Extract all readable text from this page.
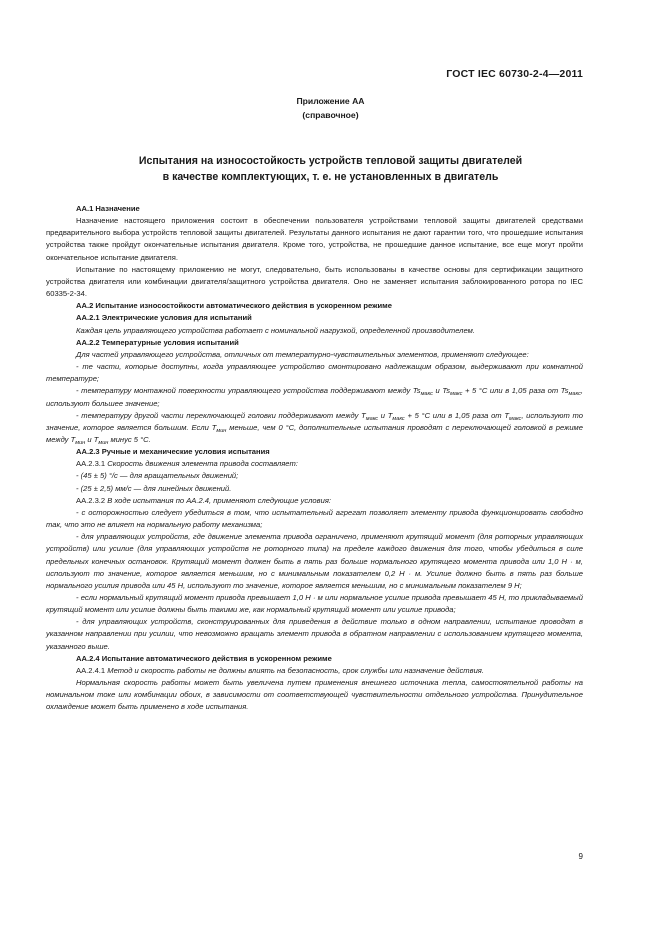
ГОСТ IEC 60730-2-4—2011
Приложение АА
(справочное)
Испытания на износостойкость устройств тепловой защиты двигателей
в качестве комплектующих, т. е. не установленных в двигатель

АА.1 Назначение

Назначение настоящего приложения состоит в обеспечении пользователя устройствами тепловой защиты двигателей средствами предварительного выбора устройств тепловой защиты двигателей. Результаты данного испытания не дают гарантии того, что прошедшие испытания устройства также пройдут окончательные испытания двигателя. Кроме того, устройства, не прошедшие данное испытание, все еще могут пройти окончательное испытание двигателя.

Испытание по настоящему приложению не могут, следовательно, быть использованы в качестве основы для сертификации защитного устройства двигателя или комбинации двигателя/защитного устройства двигателя. Оно не заменяет испытания заблокированного ротора по IEC 60335-2-34.

АА.2 Испытание износостойкости автоматического действия в ускоренном режиме

АА.2.1 Электрические условия для испытаний

Каждая цепь управляющего устройства работает с номинальной нагрузкой, определенной производителем.

АА.2.2 Температурные условия испытаний

Для частей управляющего устройства, отличных от температурно-чувствительных элементов, применяют следующее:

- те части, которые доступны, когда управляющее устройство смонтировано надлежащим образом, выдерживают при комнатной температуре;

- температуру монтажной поверхности управляющего устройства поддерживают между $Ts_{макс}$ и $Ts_{макс} + 5$ °С или в 1,05 раза от $Ts_{макс}$, используют большее значение;

- температуру другой части переключающей головки поддерживают между $T_{макс}$ и $T_{макс} + 5$ °С или в 1,05 раза от $T_{макс}$, используют то значение, которое является большим. Если $T_{мин}$ меньше, чем 0 °С, дополнительные испытания проводят с переключающей головкой в режиме между $T_{мин}$ и $T_{мин}$ минус 5 °С.

АА.2.3 Ручные и механические условия испытания

АА.2.3.1 Скорость движения элемента привода составляет:

- (45 ± 5) °/с — для вращательных движений;

- (25 ± 2,5) мм/с — для линейных движений.

АА.2.3.2 В ходе испытания по АА.2.4, применяют следующие условия:

- с осторожностью следует убедиться в том, что испытательный агрегат позволяет элементу привода функционировать свободно так, что это не влияет на нормальную работу механизма;

- для управляющих устройств, где движение элемента привода ограничено, применяют крутящий момент (для роторных управляющих устройств) или усилие (для управляющих устройств не роторного типа) на пределе каждого движения для того, чтобы убедиться в силе предельных конечных остановок. Крутящий момент должен быть в пять раз больше нормального крутящего момента привода или 1,0 Н · м, используют то значение, которое является меньшим, но с минимальным показателем 0,2 Н · м. Усилие должно быть в пять раз больше нормального усилия привода или 45 Н, используют то значение, которое является меньшим, но с минимальным показателем 9 Н;

- если нормальный крутящий момент привода превышает 1,0 Н · м или нормальное усилие привода превышает 45 Н, то прикладываемый крутящий момент или усилие должны быть такими же, как нормальный крутящий момент или усилие привода;

- для управляющих устройств, сконструированных для приведения в действие только в одном направлении, испытание проводят в указанном направлении при усилии, что невозможно вращать элемент привода в обратном направлении с использованием крутящего момента, указанного выше.

АА.2.4 Испытание автоматического действия в ускоренном режиме

АА.2.4.1 Метод и скорость работы не должны влиять на безопасность, срок службы или назначение действия.

Нормальная скорость работы может быть увеличена путем применения внешнего источника тепла, самостоятельной работы на номинальном токе или комбинации обоих, в зависимости от соответствующей чувствительности отдельного устройства. Принудительное охлаждение может быть применено в ходе испытания.

9
